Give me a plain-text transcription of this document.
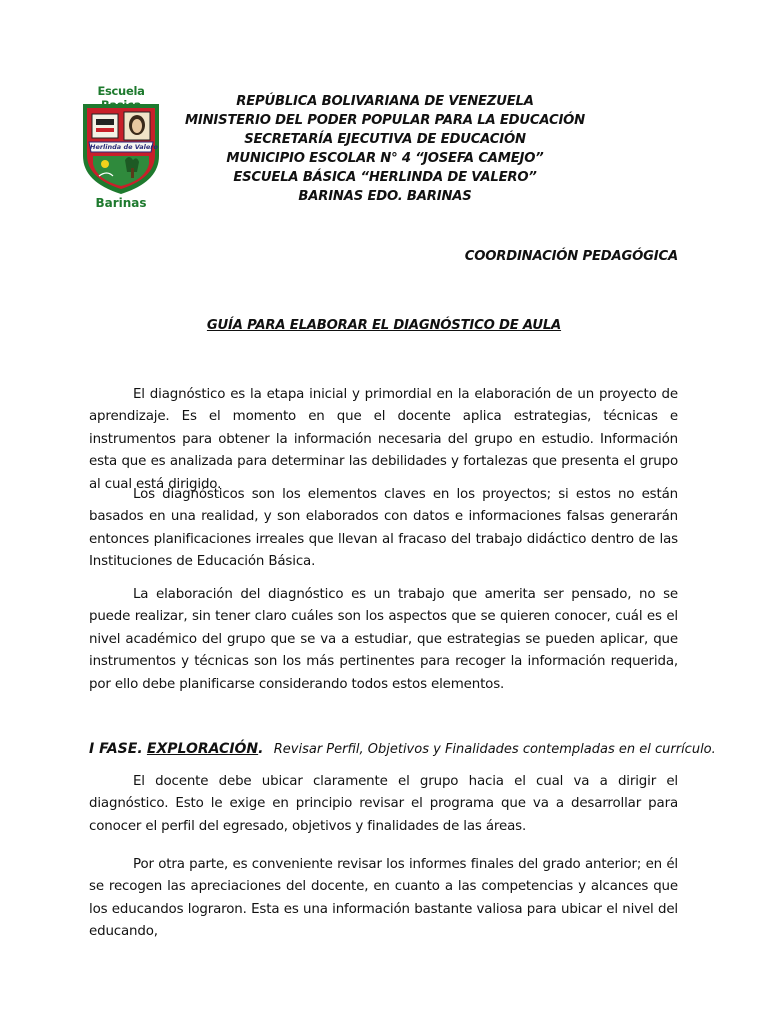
Escuela
Herlinda de Valero
Barinas
REPÚBLICA BOLIVARIANA DE VENEZUELA
MINISTERIO DEL PODER POPULAR PARA LA EDUCACIÓN
SECRETARÍA EJECUTIVA DE EDUCACIÓN
MUNICIPIO ESCOLAR N° 4 “JOSEFA CAMEJO”
ESCUELA BÁSICA “HERLINDA DE VALERO”
BARINAS EDO. BARINAS
COORDINACIÓN PEDAGÓGICA
GUÍA PARA ELABORAR EL DIAGNÓSTICO DE AULA

El diagnóstico es la etapa inicial y primordial en la elaboración de un proyecto de aprendizaje. Es el momento en que el docente aplica estrategias, técnicas e instrumentos para obtener la información necesaria del grupo en estudio. Información esta que es analizada para determinar las debilidades y fortalezas que presenta el grupo al cual está dirigido.

Los diagnósticos son los elementos claves en los proyectos; si estos no están basados en una realidad, y son elaborados con datos e informaciones falsas generarán entonces planificaciones irreales que llevan al fracaso del trabajo didáctico dentro de las Instituciones de Educación Básica.

La elaboración del diagnóstico es un trabajo que amerita ser pensado, no se puede realizar, sin tener claro cuáles son los aspectos que se quieren conocer, cuál es el nivel académico del grupo que se va a estudiar, que estrategias se pueden aplicar, que instrumentos y técnicas son los más pertinentes para recoger la información requerida, por ello debe planificarse considerando todos estos elementos.

I FASE. EXPLORACIÓN. Revisar Perfil, Objetivos y Finalidades contempladas en el currículo.

El docente debe ubicar claramente el grupo hacia el cual va a dirigir el diagnóstico. Esto le exige en principio revisar el programa que va a desarrollar para conocer el perfil del egresado, objetivos y finalidades de las áreas.

Por otra parte, es conveniente revisar los informes finales del grado anterior; en él se recogen las apreciaciones del docente, en cuanto a las competencias y alcances que los educandos lograron. Esta es una información bastante valiosa para ubicar el nivel del educando,
